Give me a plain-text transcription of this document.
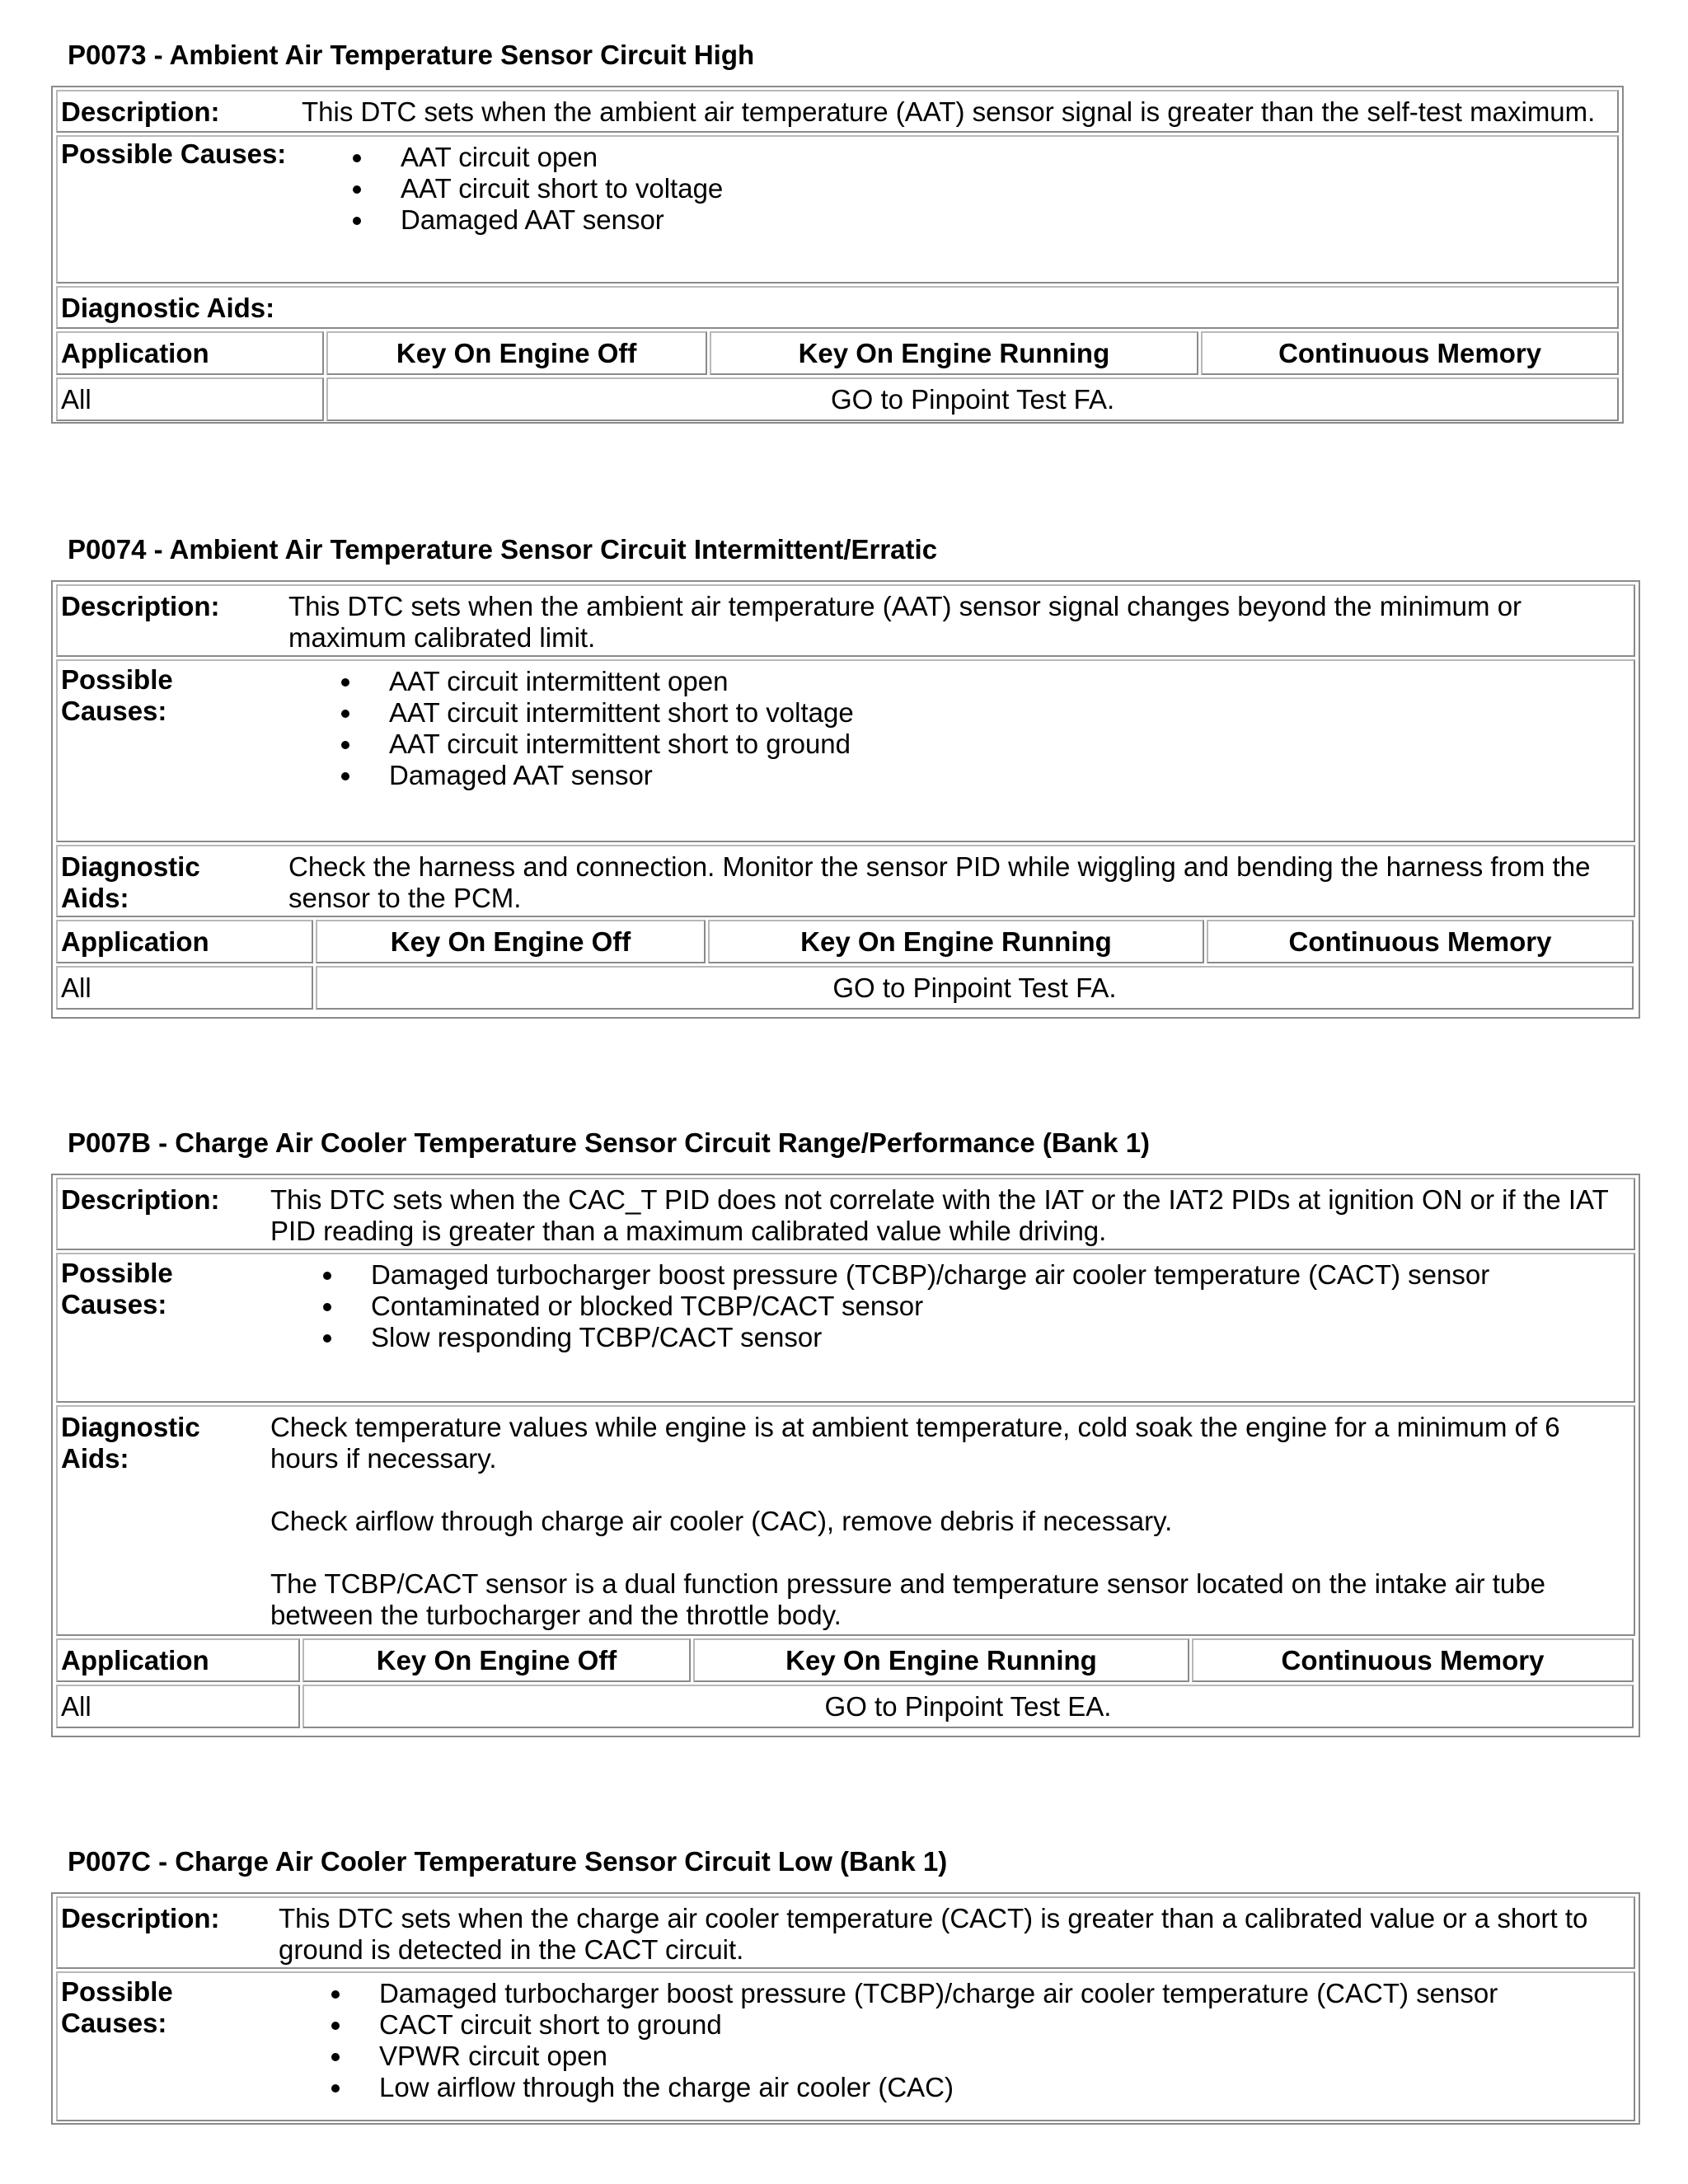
P0073 - Ambient Air Temperature Sensor Circuit High
Description:	This DTC sets when the ambient air temperature (AAT) sensor signal is greater than the self-test maximum.

Possible Causes:	AAT circuit open
AAT circuit short to voltage
Damaged AAT sensor
Diagnostic Aids:
Application	Key On Engine Off	Key On Engine Running	Continuous Memory
All	GO to Pinpoint Test FA.
P0074 - Ambient Air Temperature Sensor Circuit Intermittent/Erratic
Description:	This DTC sets when the ambient air temperature (AAT) sensor signal changes beyond the minimum or maximum calibrated limit.

Possible
Causes:
AAT circuit intermittent open
AAT circuit intermittent short to voltage
AAT circuit intermittent short to ground
Damaged AAT sensor
Diagnostic
Aids:

Check the harness and connection. Monitor the sensor PID while wiggling and bending the harness from the sensor to the PCM.

Application	Key On Engine Off	Key On Engine Running	Continuous Memory
All	GO to Pinpoint Test FA.
P007B - Charge Air Cooler Temperature Sensor Circuit Range/Performance (Bank 1)
Description: This DTC sets when the CAC_T PID does not correlate with the IAT or the IAT2 PIDs at ignition ON or if the IAT PID reading is greater than a maximum calibrated value while driving.

Possible
Causes:
Damaged turbocharger boost pressure (TCBP)/charge air cooler temperature (CACT) sensor
Contaminated or blocked TCBP/CACT sensor
Slow responding TCBP/CACT sensor
Diagnostic
Aids:

Check temperature values while engine is at ambient temperature, cold soak the engine for a minimum of 6 hours if necessary.

Check airflow through charge air cooler (CAC), remove debris if necessary.

The TCBP/CACT sensor is a dual function pressure and temperature sensor located on the intake air tube between the turbocharger and the throttle body.

Application	Key On Engine Off	Key On Engine Running	Continuous Memory
All	GO to Pinpoint Test EA.
P007C - Charge Air Cooler Temperature Sensor Circuit Low (Bank 1)
Description: This DTC sets when the charge air cooler temperature (CACT) is greater than a calibrated value or a short to ground is detected in the CACT circuit.

Possible
Causes:
Damaged turbocharger boost pressure (TCBP)/charge air cooler temperature (CACT) sensor
CACT circuit short to ground
VPWR circuit open
Low airflow through the charge air cooler (CAC)
